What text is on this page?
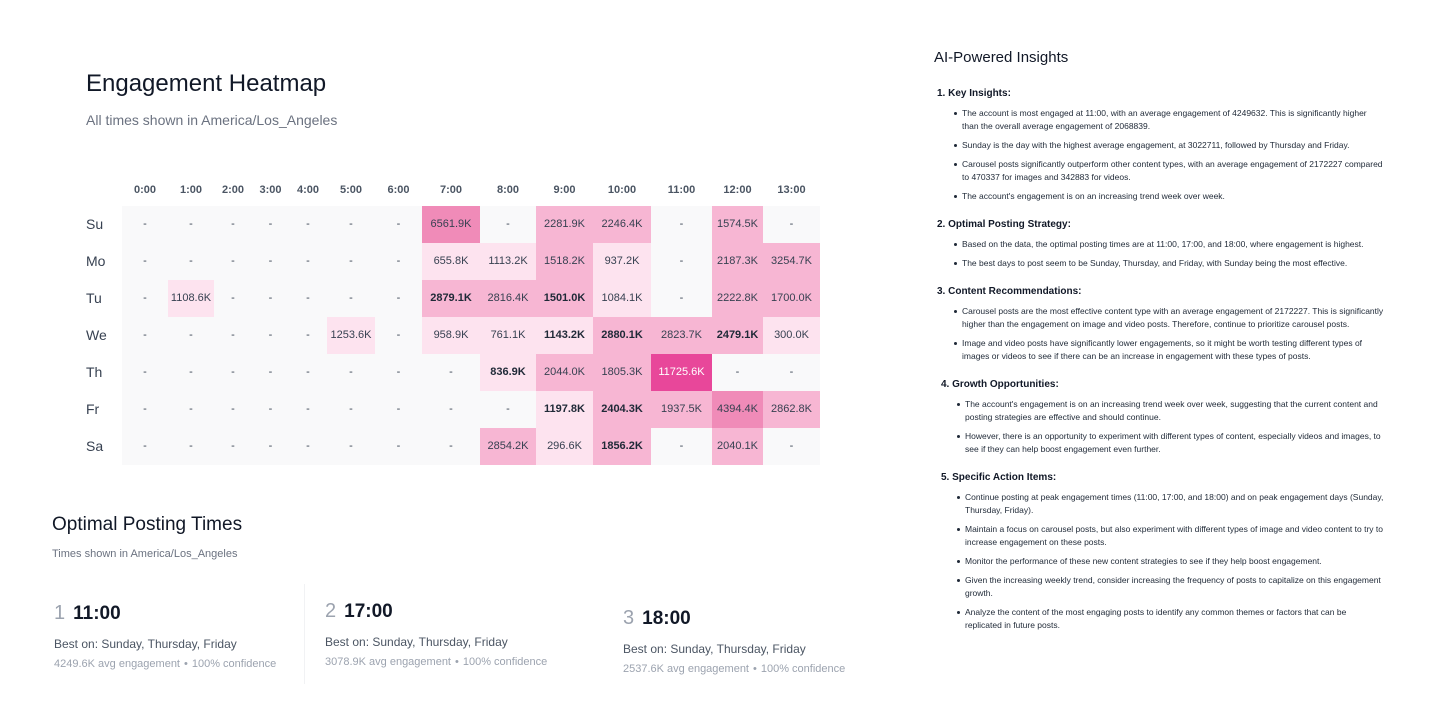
Engagement Heatmap
All times shown in America/Los_Angeles
0:00	1:00	2:00	3:00	4:00	5:00	6:00	7:00	8:00	9:00	10:00	11:00	12:00	13:00
Su	-	-	-	-	-	-	-	6561.9K	-	2281.9K	2246.4K	-	1574.5K	-
Mo	-	-	-	-	-	-	-	655.8K	1113.2K	1518.2K	937.2K	-	2187.3K	3254.7K
Tu	-	1108.6K	-	-	-	-	-	2879.1K	2816.4K	1501.0K	1084.1K	-	2222.8K	1700.0K
We	-	-	-	-	-	1253.6K	-	958.9K	761.1K	1143.2K	2880.1K	2823.7K	2479.1K	300.0K
Th	-	-	-	-	-	-	-	-	836.9K	2044.0K	1805.3K	11725.6K	-	-
Fr	-	-	-	-	-	-	-	-	-	1197.8K	2404.3K	1937.5K	4394.4K	2862.8K
Sa	-	-	-	-	-	-	-	-	2854.2K	296.6K	1856.2K	-	2040.1K	-
Optimal Posting Times
Times shown in America/Los_Angeles
1 11:00
Best on: Sunday, Thursday, Friday
4249.6K avg engagement • 100% confidence
2 17:00
Best on: Sunday, Thursday, Friday
3078.9K avg engagement • 100% confidence
3 18:00
Best on: Sunday, Thursday, Friday
2537.6K avg engagement • 100% confidence
AI-Powered Insights
1. Key Insights:
The account is most engaged at 11:00, with an average engagement of 4249632. This is significantly higher than the overall average engagement of 2068839.
Sunday is the day with the highest average engagement, at 3022711, followed by Thursday and Friday.
Carousel posts significantly outperform other content types, with an average engagement of 2172227 compared to 470337 for images and 342883 for videos.
The account's engagement is on an increasing trend week over week.
2. Optimal Posting Strategy:
Based on the data, the optimal posting times are at 11:00, 17:00, and 18:00, where engagement is highest.
The best days to post seem to be Sunday, Thursday, and Friday, with Sunday being the most effective.
3. Content Recommendations:
Carousel posts are the most effective content type with an average engagement of 2172227. This is significantly higher than the engagement on image and video posts. Therefore, continue to prioritize carousel posts.
Image and video posts have significantly lower engagements, so it might be worth testing different types of images or videos to see if there can be an increase in engagement with these types of posts.
4. Growth Opportunities:
The account's engagement is on an increasing trend week over week, suggesting that the current content and posting strategies are effective and should continue.
However, there is an opportunity to experiment with different types of content, especially videos and images, to see if they can help boost engagement even further.
5. Specific Action Items:
Continue posting at peak engagement times (11:00, 17:00, and 18:00) and on peak engagement days (Sunday, Thursday, Friday).
Maintain a focus on carousel posts, but also experiment with different types of image and video content to try to increase engagement on these posts.
Monitor the performance of these new content strategies to see if they help boost engagement.
Given the increasing weekly trend, consider increasing the frequency of posts to capitalize on this engagement growth.
Analyze the content of the most engaging posts to identify any common themes or factors that can be replicated in future posts.
